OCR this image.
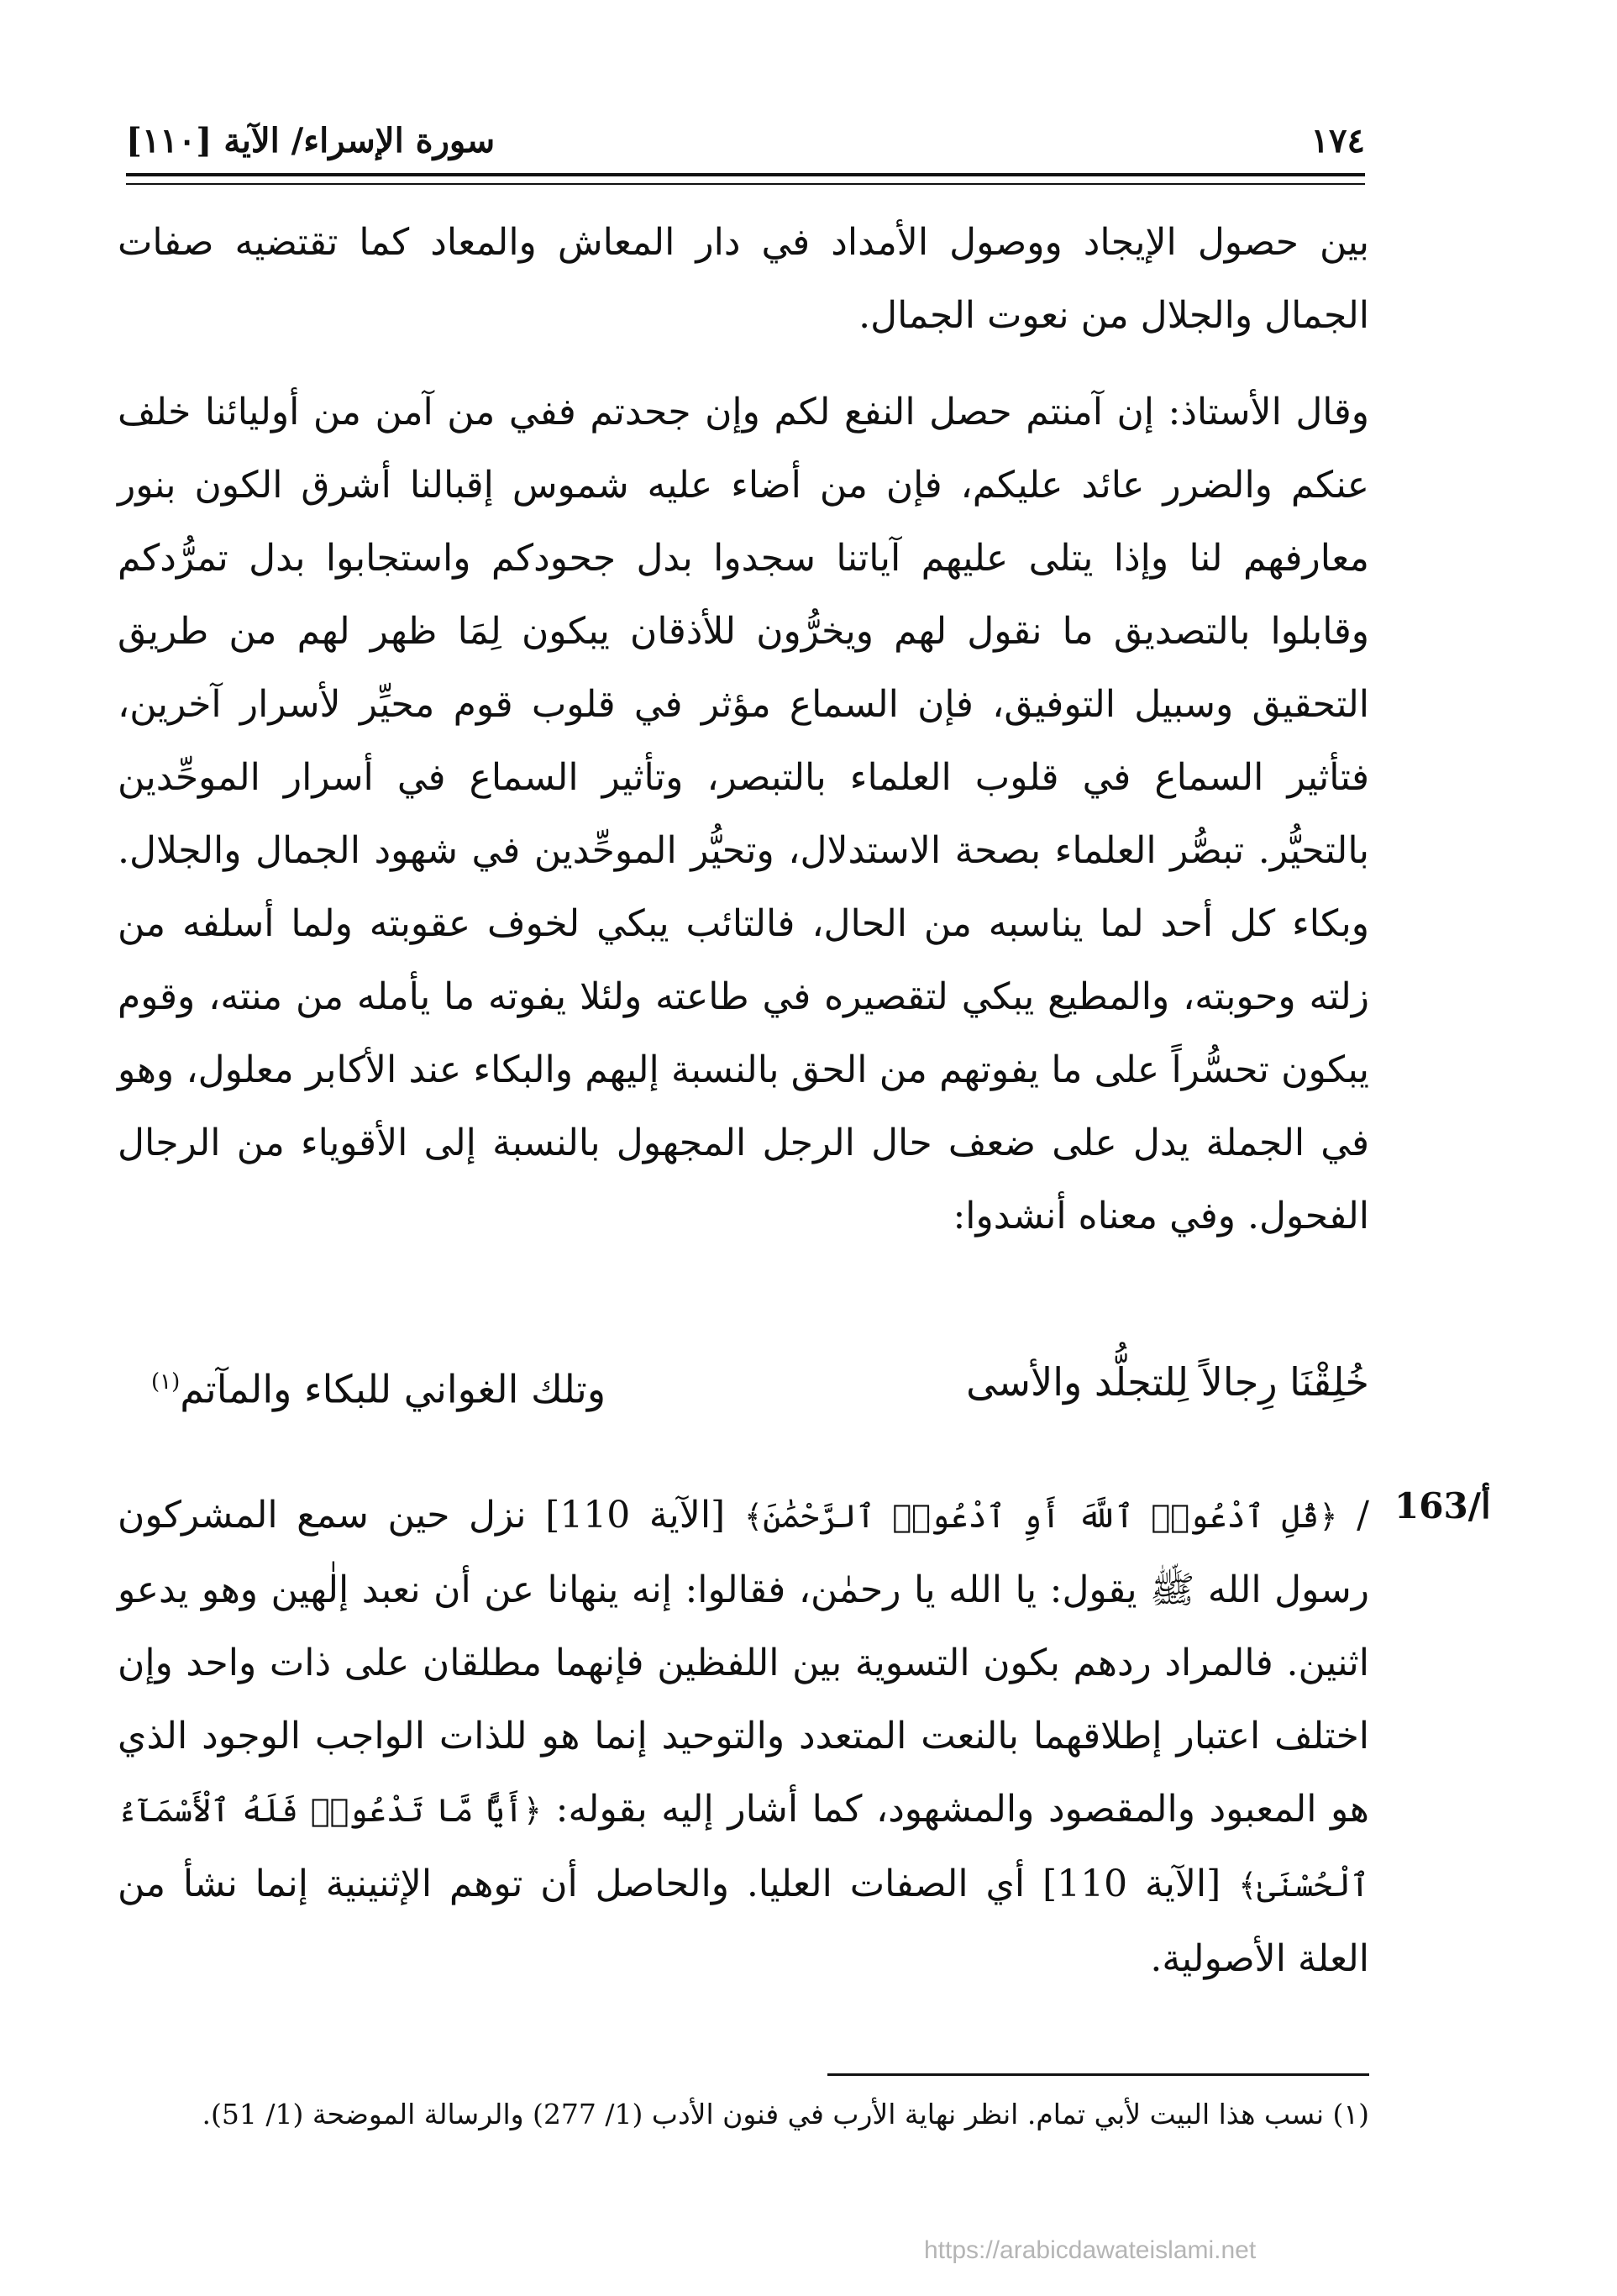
١٧٤
سورة الإسراء/ الآية [١١٠]

بين حصول الإيجاد ووصول الأمداد في دار المعاش والمعاد كما تقتضيه صفات الجمال والجلال من نعوت الجمال.

وقال الأستاذ: إن آمنتم حصل النفع لكم وإن جحدتم ففي من آمن من أوليائنا خلف عنكم والضرر عائد عليكم، فإن من أضاء عليه شموس إقبالنا أشرق الكون بنور معارفهم لنا وإذا يتلى عليهم آياتنا سجدوا بدل جحودكم واستجابوا بدل تمرُّدكم وقابلوا بالتصديق ما نقول لهم ويخرُّون للأذقان يبكون لِمَا ظهر لهم من طريق التحقيق وسبيل التوفيق، فإن السماع مؤثر في قلوب قوم محيِّر لأسرار آخرين، فتأثير السماع في قلوب العلماء بالتبصر، وتأثير السماع في أسرار الموحِّدين بالتحيُّر. تبصُّر العلماء بصحة الاستدلال، وتحيُّر الموحِّدين في شهود الجمال والجلال. وبكاء كل أحد لما يناسبه من الحال، فالتائب يبكي لخوف عقوبته ولما أسلفه من زلته وحوبته، والمطيع يبكي لتقصيره في طاعته ولئلا يفوته ما يأمله من منته، وقوم يبكون تحسُّراً على ما يفوتهم من الحق بالنسبة إليهم والبكاء عند الأكابر معلول، وهو في الجملة يدل على ضعف حال الرجل المجهول بالنسبة إلى الأقوياء من الرجال الفحول. وفي معناه أنشدوا:

خُلِقْنَا رِجالاً لِلتجلُّد والأسى
وتلك الغواني للبكاء والمآتم$^{(١)}$
163/أ

/ ﴿قُلِ ٱدْعُوا۟ ٱللَّهَ أَوِ ٱدْعُوا۟ ٱلرَّحْمَٰنَ﴾ [الآية 110] نزل حين سمع المشركون رسول الله ﷺ يقول: يا الله يا رحمٰن، فقالوا: إنه ينهانا عن أن نعبد إلٰهين وهو يدعو اثنين. فالمراد ردهم بكون التسوية بين اللفظين فإنهما مطلقان على ذات واحد وإن اختلف اعتبار إطلاقهما بالنعت المتعدد والتوحيد إنما هو للذات الواجب الوجود الذي هو المعبود والمقصود والمشهود، كما أشار إليه بقوله: ﴿أَيًّا مَّا تَدْعُوا۟ فَلَهُ ٱلْأَسْمَآءُ ٱلْحُسْنَىٰ﴾ [الآية 110] أي الصفات العليا. والحاصل أن توهم الإثنينية إنما نشأ من العلة الأصولية.

(١) نسب هذا البيت لأبي تمام. انظر نهاية الأرب في فنون الأدب (1/ 277) والرسالة الموضحة (1/ 51).
https://arabicdawateislami.net
